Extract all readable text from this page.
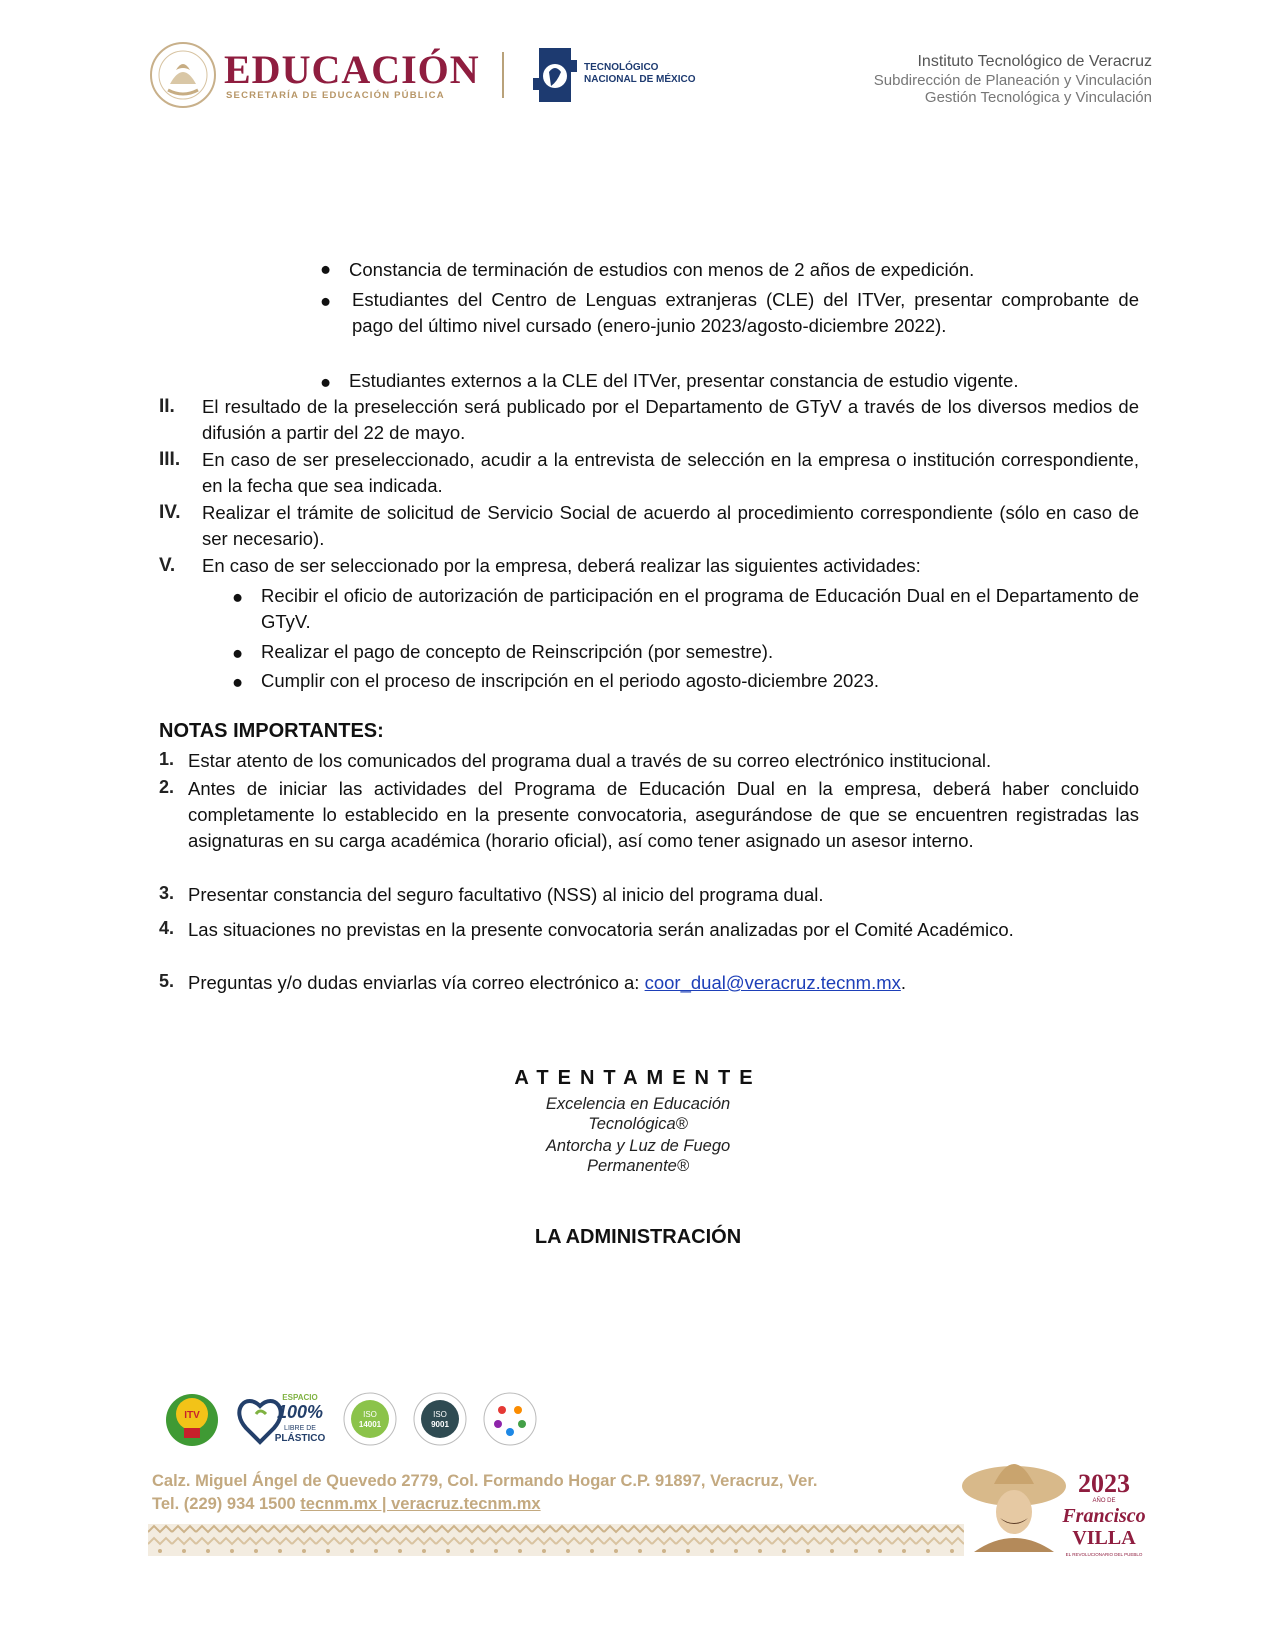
EDUCACIÓN
SECRETARÍA DE EDUCACIÓN PÚBLICA
TECNOLÓGICO
NACIONAL DE MÉXICO
Instituto Tecnológico de Veracruz
Subdirección de Planeación y Vinculación
Gestión Tecnológica y Vinculación
● Constancia de terminación de estudios con menos de 2 años de expedición.
● Estudiantes del Centro de Lenguas extranjeras (CLE) del ITVer, presentar comprobante de pago del último nivel cursado (enero-junio 2023/agosto-diciembre 2022).
● Estudiantes externos a la CLE del ITVer, presentar constancia de estudio vigente.
II. El resultado de la preselección será publicado por el Departamento de GTyV a través de los diversos medios de difusión a partir del 22 de mayo.
III. En caso de ser preseleccionado, acudir a la entrevista de selección en la empresa o institución correspondiente, en la fecha que sea indicada.
IV. Realizar el trámite de solicitud de Servicio Social de acuerdo al procedimiento correspondiente (sólo en caso de ser necesario).
V. En caso de ser seleccionado por la empresa, deberá realizar las siguientes actividades:
● Recibir el oficio de autorización de participación en el programa de Educación Dual en el Departamento de GTyV.
● Realizar el pago de concepto de Reinscripción (por semestre).
● Cumplir con el proceso de inscripción en el periodo agosto-diciembre 2023.
NOTAS IMPORTANTES:
1. Estar atento de los comunicados del programa dual a través de su correo electrónico institucional.
2. Antes de iniciar las actividades del Programa de Educación Dual en la empresa, deberá haber concluido completamente lo establecido en la presente convocatoria, asegurándose de que se encuentren registradas las asignaturas en su carga académica (horario oficial), así como tener asignado un asesor interno.
3. Presentar constancia del seguro facultativo (NSS) al inicio del programa dual.
4. Las situaciones no previstas en la presente convocatoria serán analizadas por el Comité Académico.
5. Preguntas y/o dudas enviarlas vía correo electrónico a: coor_dual@veracruz.tecnm.mx.
ATENTAMENTE
Excelencia en Educación
Tecnológica®
Antorcha y Luz de Fuego
Permanente®
LA ADMINISTRACIÓN
ITV
ESPACIO
100%
LIBRE DE
PLÁSTICO
ISO
14001
ISO
9001
Calz. Miguel Ángel de Quevedo 2779, Col. Formando Hogar C.P. 91897, Veracruz, Ver.
Tel. (229) 934 1500 tecnm.mx | veracruz.tecnm.mx
2023
AÑO DE
Francisco
VILLA
EL REVOLUCIONARIO DEL PUEBLO
